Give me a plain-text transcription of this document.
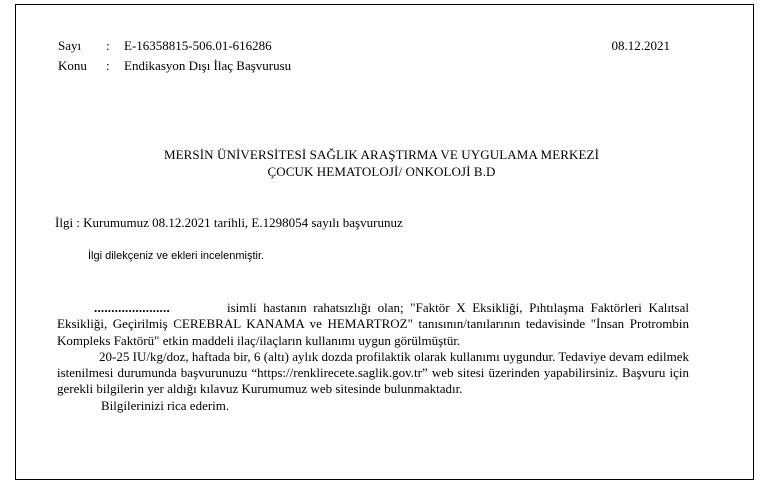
Sayı : E-16358815-506.01-616286	08.12.2021
Konu : Endikasyon Dışı İlaç Başvurusu
MERSİN ÜNİVERSİTESİ SAĞLIK ARAŞTIRMA VE UYGULAMA MERKEZİ
ÇOCUK HEMATOLOJİ/ ONKOLOJİ B.D
İlgi : Kurumumuz 08.12.2021 tarihli, E.1298054 sayılı başvurunuz
İlgi dilekçeniz ve ekleri incelenmiştir.

......................	isimli hastanın rahatsızlığı olan; "Faktör X Eksikliği, Pıhtılaşma Faktörleri Kalıtsal Eksikliği, Geçirilmiş CEREBRAL KANAMA ve HEMARTROZ" tanısının/tanılarının tedavisinde "İnsan Protrombin Kompleks Faktörü" etkin maddeli ilaç/ilaçların kullanımı uygun görülmüştür.

20-25 IU/kg/doz, haftada bir, 6 (altı) aylık dozda profilaktik olarak kullanımı uygundur. Tedaviye devam edilmek istenilmesi durumunda başvurunuzu “https://renklirecete.saglik.gov.tr” web sitesi üzerinden yapabilirsiniz. Başvuru için gerekli bilgilerin yer aldığı kılavuz Kurumumuz web sitesinde bulunmaktadır.

Bilgilerinizi rica ederim.
